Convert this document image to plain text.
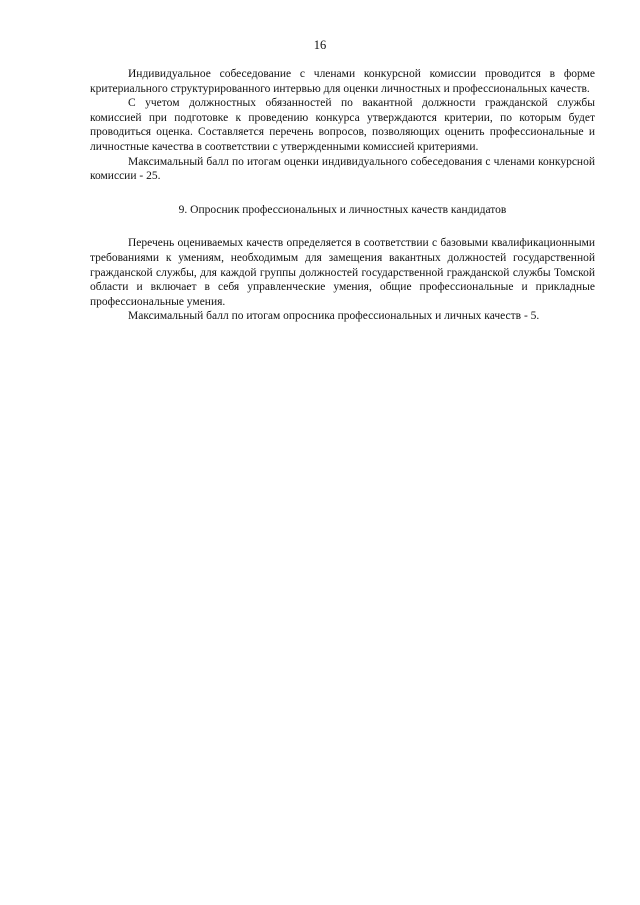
16

Индивидуальное собеседование с членами конкурсной комиссии проводится в форме критериального структурированного интервью для оценки личностных и профессиональных качеств.

С учетом должностных обязанностей по вакантной должности гражданской службы комиссией при подготовке к проведению конкурса утверждаются критерии, по которым будет проводиться оценка. Составляется перечень вопросов, позволяющих оценить профессиональные и личностные качества в соответствии с утвержденными комиссией критериями.

Максимальный балл по итогам оценки индивидуального собеседования с членами конкурсной комиссии - 25.

9. Опросник профессиональных и личностных качеств кандидатов

Перечень оцениваемых качеств определяется в соответствии с базовыми квалификационными требованиями к умениям, необходимым для замещения вакантных должностей государственной гражданской службы, для каждой группы должностей государственной гражданской службы Томской области и включает в себя управленческие умения, общие профессиональные и прикладные профессиональные умения.

Максимальный балл по итогам опросника профессиональных и личных качеств - 5.
